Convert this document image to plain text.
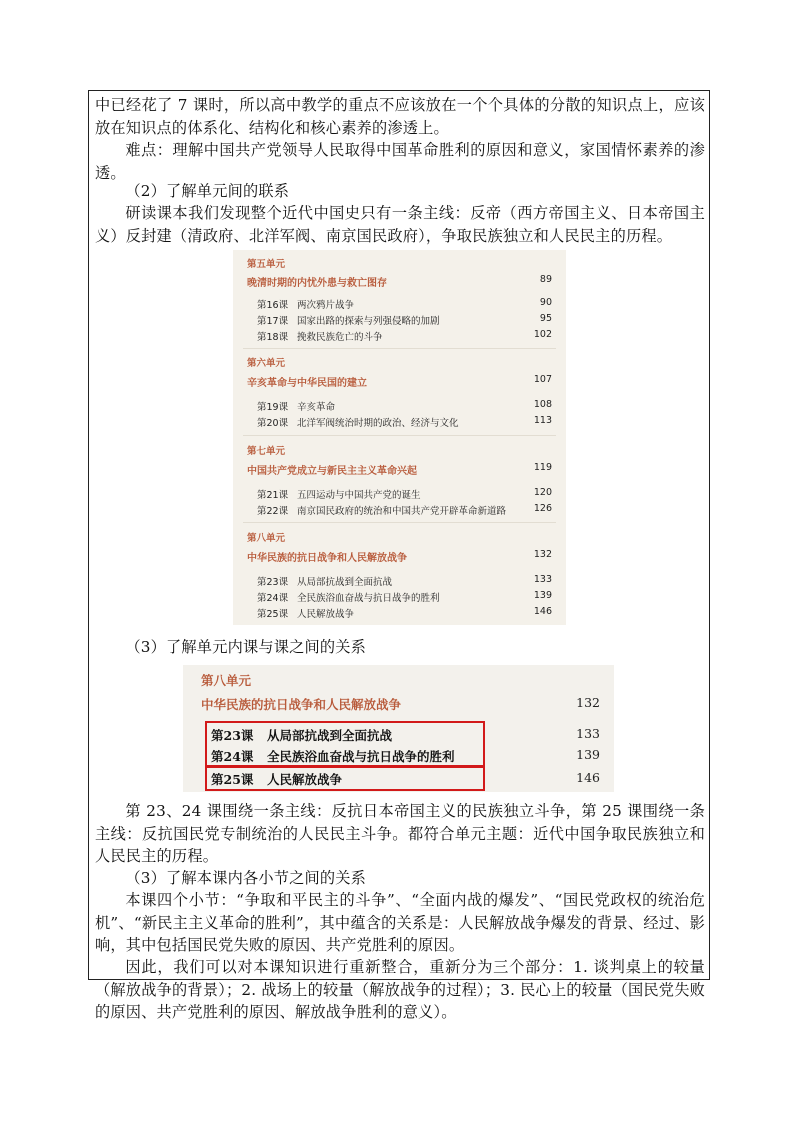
中已经花了 7 课时，所以高中教学的重点不应该放在一个个具体的分散的知识点上，应该放在知识点的体系化、结构化和核心素养的渗透上。

难点：理解中国共产党领导人民取得中国革命胜利的原因和意义，家国情怀素养的渗透。

（2）了解单元间的联系

研读课本我们发现整个近代中国史只有一条主线：反帝（西方帝国主义、日本帝国主义）反封建（清政府、北洋军阀、南京国民政府），争取民族独立和人民民主的历程。

第五单元
晚清时期的内忧外患与救亡图存	89
第16课 两次鸦片战争	90
第17课 国家出路的探索与列强侵略的加剧	95
第18课 挽救民族危亡的斗争	102
第六单元
辛亥革命与中华民国的建立	107
第19课 辛亥革命	108
第20课 北洋军阀统治时期的政治、经济与文化	113
第七单元
中国共产党成立与新民主主义革命兴起	119
第21课 五四运动与中国共产党的诞生	120
第22课 南京国民政府的统治和中国共产党开辟革命新道路	126
第八单元
中华民族的抗日战争和人民解放战争	132
第23课 从局部抗战到全面抗战	133
第24课 全民族浴血奋战与抗日战争的胜利	139
第25课 人民解放战争	146

（3）了解单元内课与课之间的关系

第八单元
中华民族的抗日战争和人民解放战争	132
第23课 从局部抗战到全面抗战	133
第24课 全民族浴血奋战与抗日战争的胜利	139
第25课 人民解放战争	146

第 23、24 课围绕一条主线：反抗日本帝国主义的民族独立斗争，第 25 课围绕一条主线：反抗国民党专制统治的人民民主斗争。都符合单元主题：近代中国争取民族独立和人民民主的历程。

（3）了解本课内各小节之间的关系

本课四个小节：“争取和平民主的斗争”、“全面内战的爆发”、“国民党政权的统治危机”、“新民主主义革命的胜利”，其中蕴含的关系是：人民解放战争爆发的背景、经过、影响，其中包括国民党失败的原因、共产党胜利的原因。

因此，我们可以对本课知识进行重新整合，重新分为三个部分：1. 谈判桌上的较量（解放战争的背景）；2. 战场上的较量（解放战争的过程）；3. 民心上的较量（国民党失败的原因、共产党胜利的原因、解放战争胜利的意义）。
